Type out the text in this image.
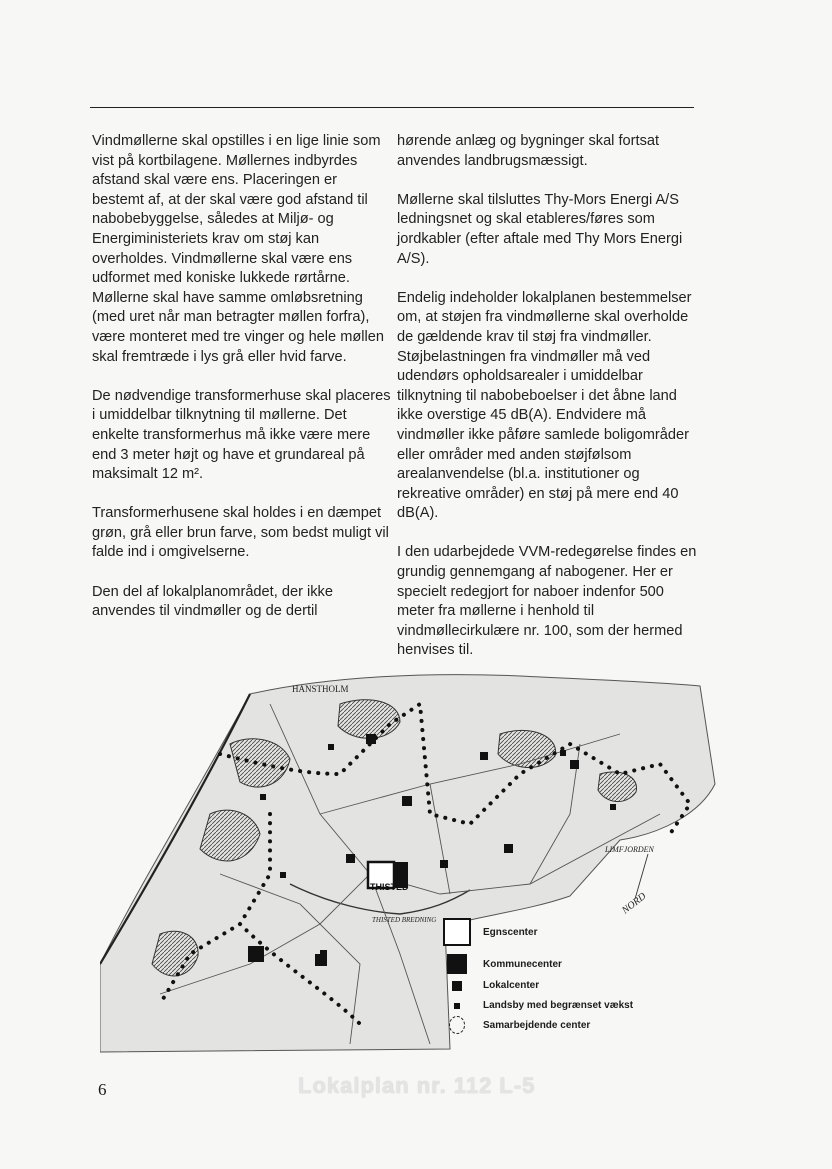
Vindmøllerne skal opstilles i en lige linie som vist på kortbilagene. Møllernes indbyrdes afstand skal være ens. Placeringen er bestemt af, at der skal være god afstand til nabobebyggelse, således at Miljø- og Energiministeriets krav om støj kan overholdes. Vindmøllerne skal være ens udformet med koniske lukkede rørtårne. Møllerne skal have samme omløbsretning (med uret når man betragter møllen forfra), være monteret med tre vinger og hele møllen skal fremtræde i lys grå eller hvid farve.

De nødvendige transformerhuse skal placeres i umiddelbar tilknytning til møllerne. Det enkelte transformerhus må ikke være mere end 3 meter højt og have et grundareal på maksimalt 12 m².

Transformerhusene skal holdes i en dæmpet grøn, grå eller brun farve, som bedst muligt vil falde ind i omgivelserne.

Den del af lokalplanområdet, der ikke anvendes til vindmøller og de dertil

hørende anlæg og bygninger skal fortsat anvendes landbrugsmæssigt.

Møllerne skal tilsluttes Thy-Mors Energi A/S ledningsnet og skal etableres/føres som jordkabler (efter aftale med Thy Mors Energi A/S).

Endelig indeholder lokalplanen bestemmelser om, at støjen fra vindmøllerne skal overholde de gældende krav til støj fra vindmøller.

Støjbelastningen fra vindmøller må ved udendørs opholdsarealer i umiddelbar tilknytning til nabobeboelser i det åbne land ikke overstige 45 dB(A). Endvidere må vindmøller ikke påføre samlede boligområder eller områder med anden støjfølsom arealanvendelse (bl.a. institutioner og rekreative områder) en støj på mere end 40 dB(A).

I den udarbejdede VVM-redegørelse findes en grundig gennemgang af nabogener. Her er specielt redegjort for naboer indenfor 500 meter fra møllerne i henhold til vindmøllecirkulære nr. 100, som der hermed henvises til.

THISTED
HANSTHOLM
THISTED BREDNING
LIMFJORDEN
NORD
Egnscenter
Kommunecenter
Lokalcenter
Landsby med begrænset vækst
Samarbejdende center
6	Lokalplan nr. 112 L-5
